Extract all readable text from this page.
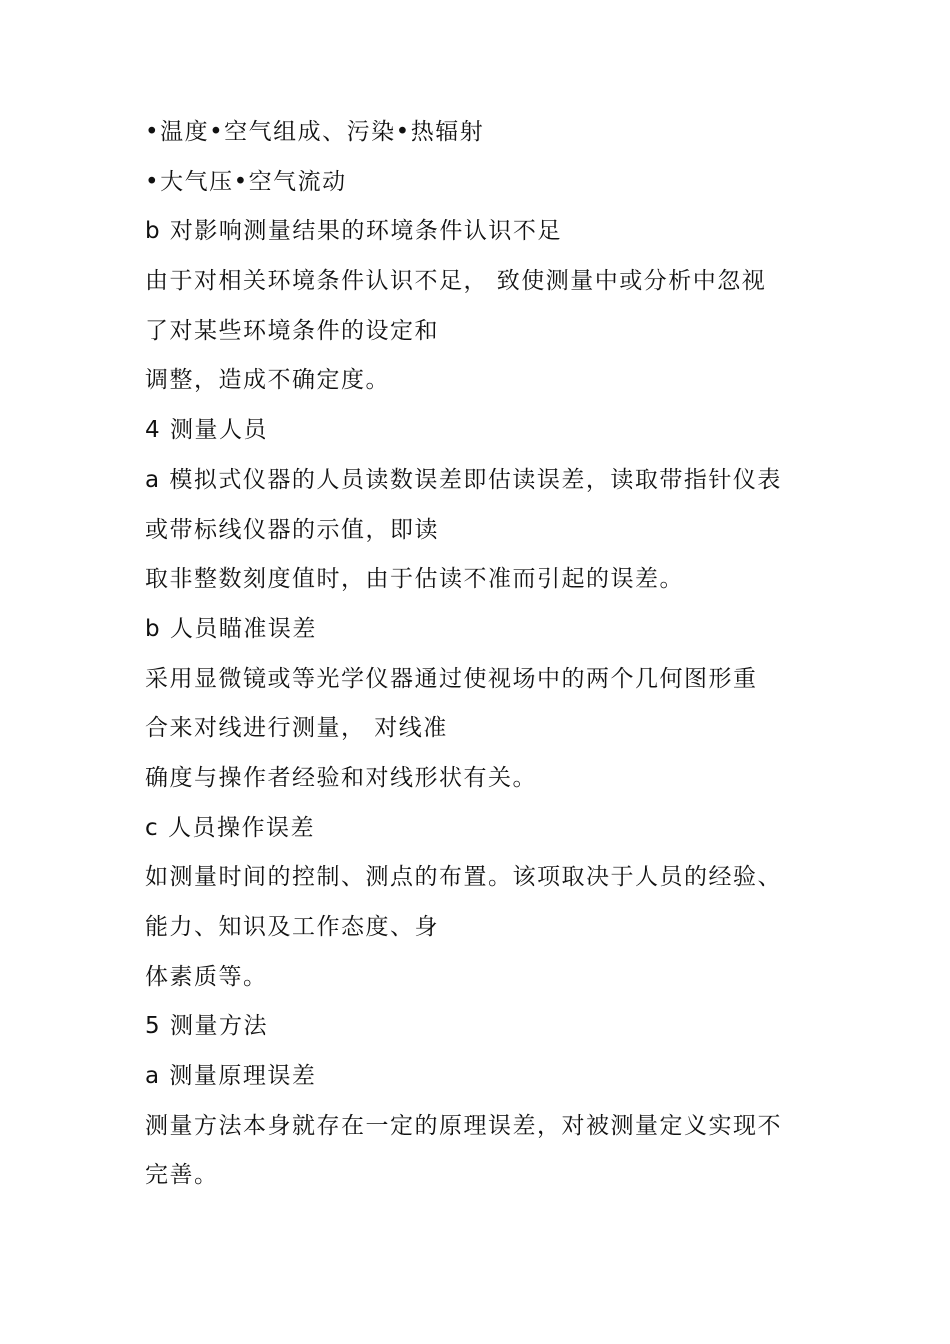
•温度•空气组成、污染•热辐射
•大气压•空气流动
b 对影响测量结果的环境条件认识不足
由于对相关环境条件认识不足， 致使测量中或分析中忽视
了对某些环境条件的设定和
调整，造成不确定度。
4 测量人员
a 模拟式仪器的人员读数误差即估读误差，读取带指针仪表
或带标线仪器的示值，即读
取非整数刻度值时，由于估读不准而引起的误差。
b 人员瞄准误差
采用显微镜或等光学仪器通过使视场中的两个几何图形重
合来对线进行测量， 对线准
确度与操作者经验和对线形状有关。
c 人员操作误差
如测量时间的控制、测点的布置。该项取决于人员的经验、
能力、知识及工作态度、身
体素质等。
5 测量方法
a 测量原理误差
测量方法本身就存在一定的原理误差，对被测量定义实现不
完善。
